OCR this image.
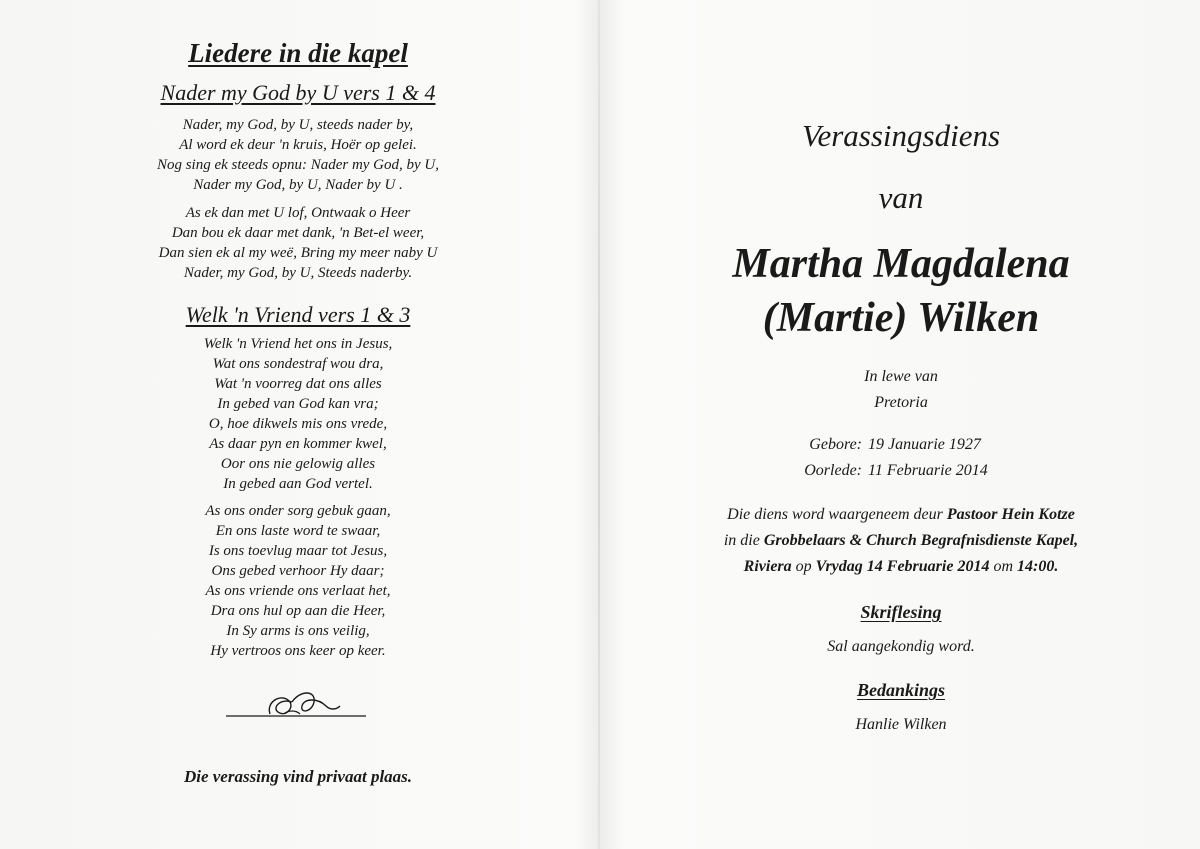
Liedere in die kapel
Nader my God by U vers 1 & 4
Nader, my God, by U, steeds nader by,
Al word ek deur 'n kruis, Hoër op gelei.
Nog sing ek steeds opnu: Nader my God, by U,
Nader my God, by U, Nader by U .
As ek dan met U lof, Ontwaak o Heer
Dan bou ek daar met dank, 'n Bet-el weer,
Dan sien ek al my weë, Bring my meer naby U
Nader, my God, by U, Steeds naderby.
Welk 'n Vriend vers 1 & 3
Welk 'n Vriend het ons in Jesus,
Wat ons sondestraf wou dra,
Wat 'n voorreg dat ons alles
In gebed van God kan vra;
O, hoe dikwels mis ons vrede,
As daar pyn en kommer kwel,
Oor ons nie gelowig alles
In gebed aan God vertel.
As ons onder sorg gebuk gaan,
En ons laste word te swaar,
Is ons toevlug maar tot Jesus,
Ons gebed verhoor Hy daar;
As ons vriende ons verlaat het,
Dra ons hul op aan die Heer,
In Sy arms is ons veilig,
Hy vertroos ons keer op keer.
Die verassing vind privaat plaas.
Verassingsdiens
van
Martha Magdalena
(Martie) Wilken
In lewe van
Pretoria
Gebore: 19 Januarie 1927
Oorlede: 11 Februarie 2014
Die diens word waargeneem deur Pastoor Hein Kotze
in die Grobbelaars & Church Begrafnisdienste Kapel,
Riviera op Vrydag 14 Februarie 2014 om 14:00.
Skriflesing
Sal aangekondig word.
Bedankings
Hanlie Wilken
